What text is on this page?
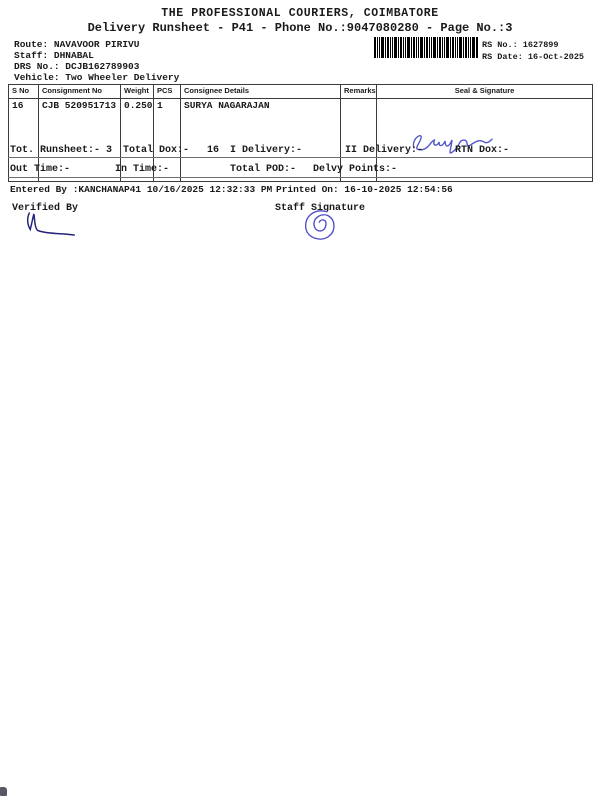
THE PROFESSIONAL COURIERS, COIMBATORE
Delivery Runsheet - P41 - Phone No.:9047080280 - Page No.:3
Route: NAVAVOOR PIRIVU
Staff: DHNABAL
DRS No.: DCJB162789903
Vehicle: Two Wheeler Delivery
RS No.: 1627899
RS Date: 16-Oct-2025
S No	Consignment No	Weight	PCS	Consignee Details	Remarks	Seal & Signature
16	CJB 520951713	0.250	1	SURYA NAGARAJAN		

Tot. Runsheet:- 3 Total Dox:-   16 I Delivery:-	II Delivery:-	RTN Dox:-
Out Time:-	In Time:-	Total POD:- Delvy Points:-
Entered By :KANCHANAP41 10/16/2025 12:32:33 PM Printed On: 16-10-2025 12:54:56
Verified By	Staff Signature
